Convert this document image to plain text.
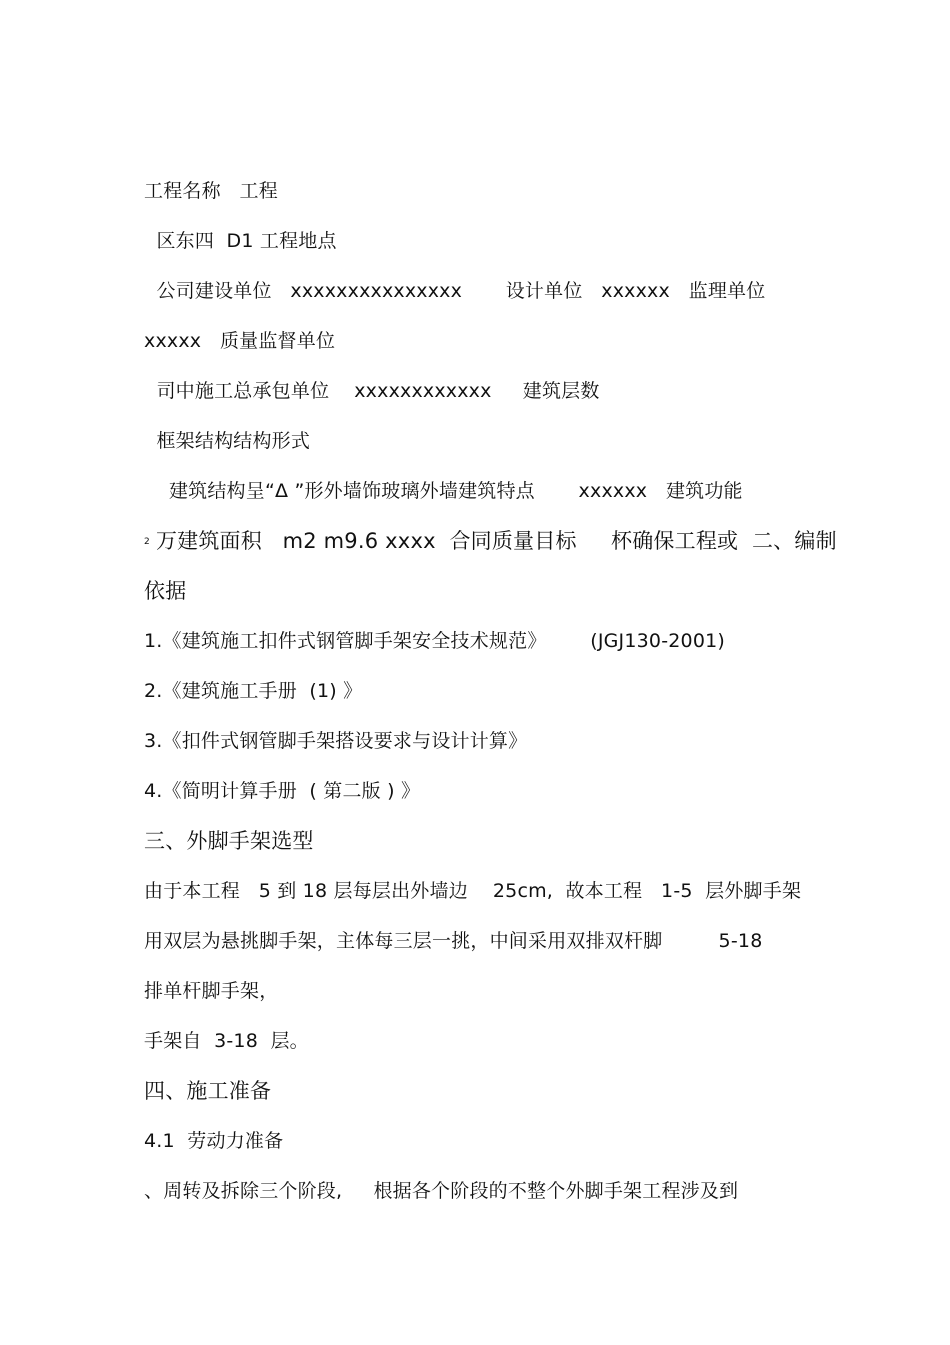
工程名称   工程
区东四  D1 工程地点
公司建设单位   xxxxxxxxxxxxxxx       设计单位   xxxxxx   监理单位
xxxxx   质量监督单位
司中施工总承包单位    xxxxxxxxxxxx     建筑层数
框架结构结构形式
建筑结构呈“Δ ”形外墙饰玻璃外墙建筑特点       xxxxxx   建筑功能
$^2$ 万建筑面积   m2 m9.6 xxxx  合同质量目标     杯确保工程或  二、编制
依据
1.《建筑施工扣件式钢管脚手架安全技术规范》       (JGJ130-2001)
2.《建筑施工手册  (1) 》
3.《扣件式钢管脚手架搭设要求与设计计算》
4.《简明计算手册  ( 第二版 ) 》
三、外脚手架选型
由于本工程   5 到 18 层每层出外墙边    25cm,  故本工程   1-5  层外脚手架
用双层为悬挑脚手架，主体每三层一挑，中间采用双排双杆脚         5-18
排单杆脚手架，
手架自  3-18  层。
四、施工准备
4.1  劳动力准备
、周转及拆除三个阶段,     根据各个阶段的不整个外脚手架工程涉及到
